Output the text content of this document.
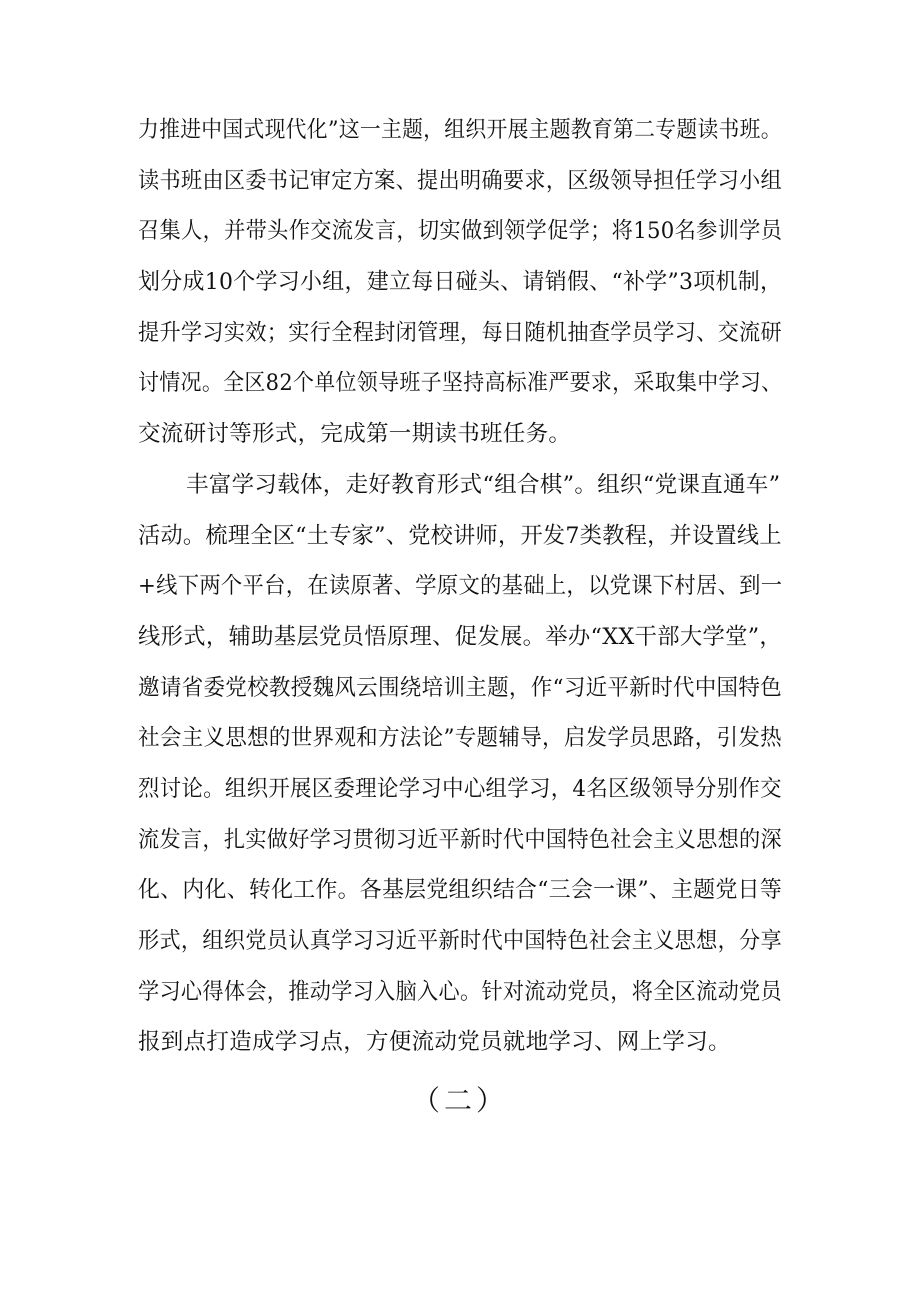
力推进中国式现代化”这一主题，组织开展主题教育第二专题读书班。
读书班由区委书记审定方案、提出明确要求，区级领导担任学习小组
召集人，并带头作交流发言，切实做到领学促学；将150名参训学员
划分成10个学习小组，建立每日碰头、请销假、“补学”3项机制，
提升学习实效；实行全程封闭管理，每日随机抽查学员学习、交流研
讨情况。全区82个单位领导班子坚持高标准严要求，采取集中学习、
交流研讨等形式，完成第一期读书班任务。
丰富学习载体，走好教育形式“组合棋”。组织“党课直通车”
活动。梳理全区“土专家”、党校讲师，开发7类教程，并设置线上
+线下两个平台，在读原著、学原文的基础上，以党课下村居、到一
线形式，辅助基层党员悟原理、促发展。举办“XX干部大学堂”，
邀请省委党校教授魏风云围绕培训主题，作“习近平新时代中国特色
社会主义思想的世界观和方法论”专题辅导，启发学员思路，引发热
烈讨论。组织开展区委理论学习中心组学习，4名区级领导分别作交
流发言，扎实做好学习贯彻习近平新时代中国特色社会主义思想的深
化、内化、转化工作。各基层党组织结合“三会一课”、主题党日等
形式，组织党员认真学习习近平新时代中国特色社会主义思想，分享
学习心得体会，推动学习入脑入心。针对流动党员，将全区流动党员
报到点打造成学习点，方便流动党员就地学习、网上学习。
（二）
